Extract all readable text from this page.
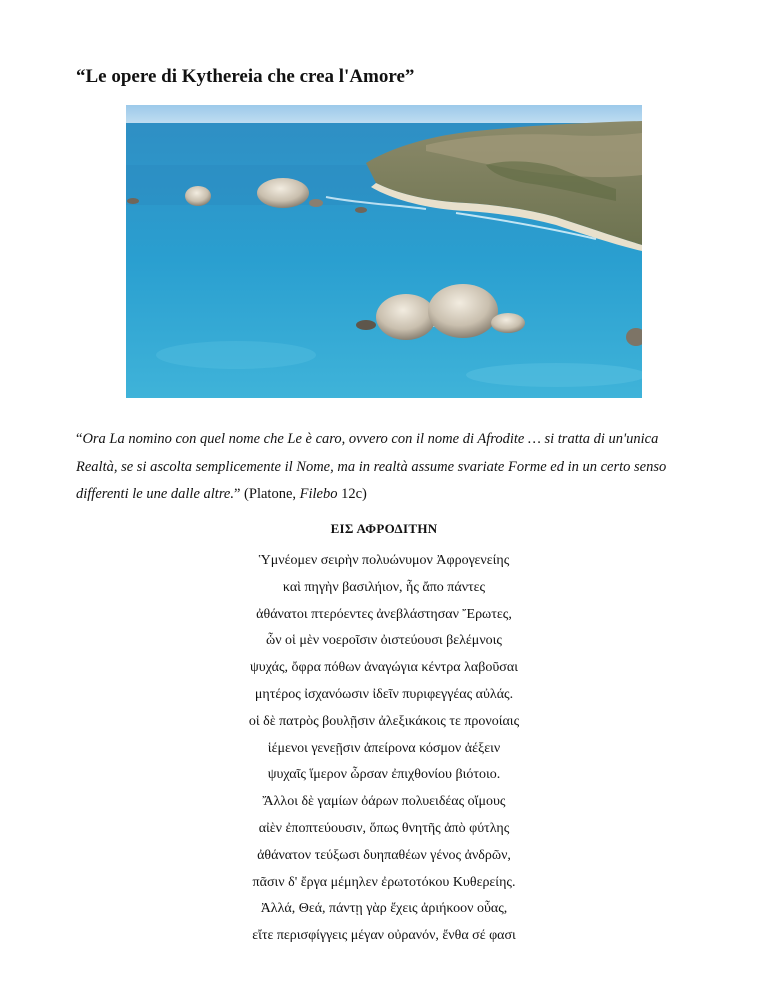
“Le opere di Kythereia che crea l'Amore”

“Ora La nomino con quel nome che Le è caro, ovvero con il nome di Afrodite … si tratta di un'unica Realtà, se si ascolta semplicemente il Nome, ma in realtà assume svariate Forme ed in un certo senso differenti le une dalle altre.” (Platone, Filebo 12c)

ΕΙΣ ΑΦΡΟΔΙΤΗΝ
Ὑμνέομεν σειρὴν πολυώνυμον Ἀφρογενείης
καὶ πηγὴν βασιλήιον, ἧς ἄπο πάντες
ἀθάνατοι πτερόεντες ἀνεβλάστησαν Ἔρωτες,
ὧν οἱ μὲν νοεροῖσιν ὀιστεύουσι βελέμνοις
ψυχάς, ὄφρα πόθων ἀναγώγια κέντρα λαβοῦσαι
μητέρος ἰσχανόωσιν ἰδεῖν πυριφεγγέας αὐλάς.
οἱ δὲ πατρὸς βουλῇσιν ἀλεξικάκοις τε προνοίαις
ἱέμενοι γενεῇσιν ἀπείρονα κόσμον ἀέξειν
ψυχαῖς ἵμερον ὦρσαν ἐπιχθονίου βιότοιο.
Ἄλλοι δὲ γαμίων ὀάρων πολυειδέας οἴμους
αἰὲν ἐποπτεύουσιν, ὅπως θνητῆς ἀπὸ φύτλης
ἀθάνατον τεύξωσι δυηπαθέων γένος ἀνδρῶν,
πᾶσιν δ' ἔργα μέμηλεν ἐρωτοτόκου Κυθερείης.
Ἀλλά, Θεά, πάντῃ γὰρ ἔχεις ἀριήκοον οὖας,
εἴτε περισφίγγεις μέγαν οὐρανόν, ἔνθα σέ φασι
